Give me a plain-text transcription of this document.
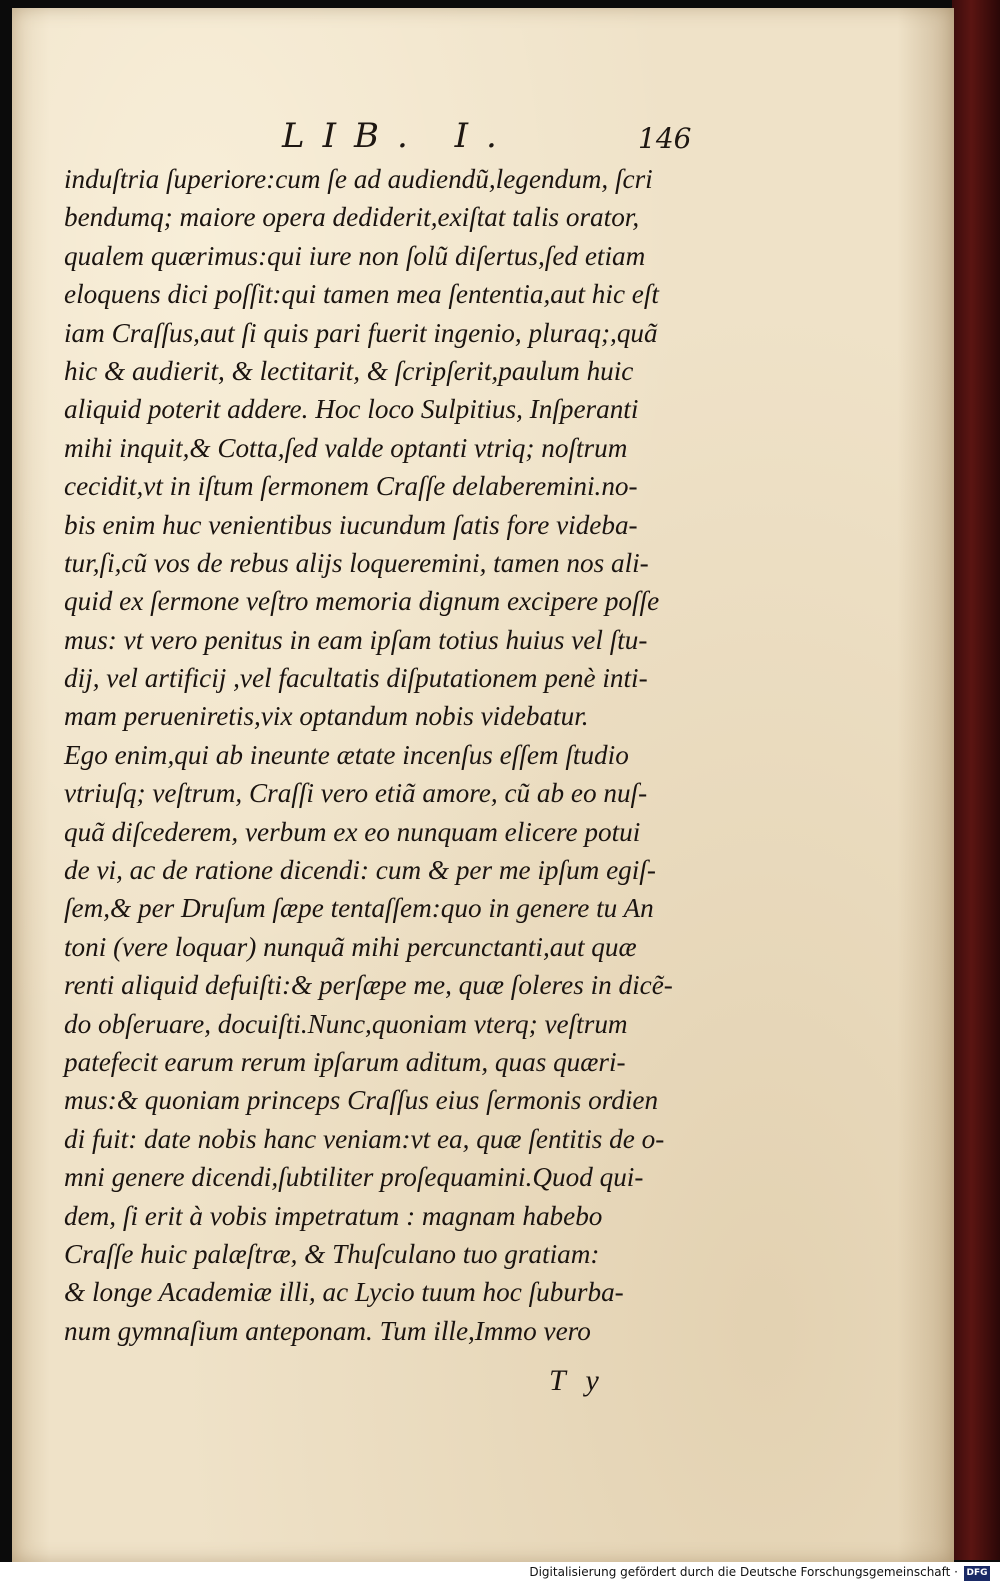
LIB. I.	146
induſtria ſuperiore:cum ſe ad audiendũ,legendum, ſcri
bendumq; maiore opera dediderit,exiſtat talis orator,
qualem quærimus:qui iure non ſolũ diſertus,ſed etiam
eloquens dici poſſit:qui tamen mea ſententia,aut hic eſt
iam Craſſus,aut ſi quis pari fuerit ingenio, pluraq;,quã
hic & audierit, & lectitarit, & ſcripſerit,paulum huic
aliquid poterit addere. Hoc loco Sulpitius, Inſperanti
mihi inquit,& Cotta,ſed valde optanti vtriq; noſtrum
cecidit,vt in iſtum ſermonem Craſſe delaberemini.no-
bis enim huc venientibus iucundum ſatis fore videba-
tur,ſi,cũ vos de rebus alijs loqueremini, tamen nos ali-
quid ex ſermone veſtro memoria dignum excipere poſſe
mus: vt vero penitus in eam ipſam totius huius vel ſtu-
dij, vel artificij ,vel facultatis diſputationem penè inti-
mam perueniretis,vix optandum nobis videbatur.
Ego enim,qui ab ineunte ætate incenſus eſſem ſtudio
vtriuſq; veſtrum, Craſſi vero etiã amore, cũ ab eo nuſ-
quã diſcederem, verbum ex eo nunquam elicere potui
de vi, ac de ratione dicendi: cum & per me ipſum egiſ-
ſem,& per Druſum ſæpe tentaſſem:quo in genere tu An
toni (vere loquar) nunquã mihi percunctanti,aut quæ
renti aliquid defuiſti:& perſæpe me, quæ ſoleres in dicẽ-
do obſeruare, docuiſti.Nunc,quoniam vterq; veſtrum
patefecit earum rerum ipſarum aditum, quas quæri-
mus:& quoniam princeps Craſſus eius ſermonis ordien
di fuit: date nobis hanc veniam:vt ea, quæ ſentitis de o-
mni genere dicendi,ſubtiliter proſequamini.Quod qui-
dem, ſi erit à vobis impetratum : magnam habebo
Craſſe huic palæſtræ, & Thuſculano tuo gratiam:
& longe Academiæ illi, ac Lycio tuum hoc ſuburba-
num gymnaſium anteponam. Tum ille,Immo vero
Ty
Digitalisierung gefördert durch die Deutsche Forschungsgemeinschaft · DFG
